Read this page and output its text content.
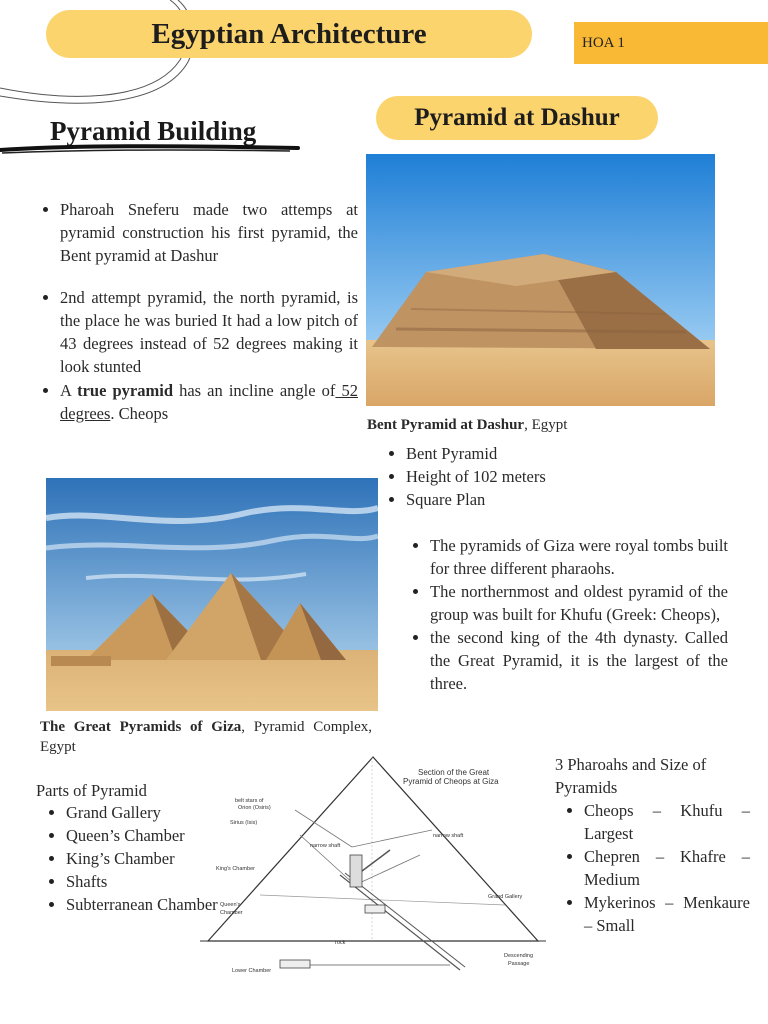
Egyptian Architecture	HOA 1
Pyramid Building	Pyramid at Dashur
Pharoah Sneferu made two attemps at pyramid construction his first pyramid, the Bent pyramid at Dashur
2nd attempt pyramid, the north pyramid, is the place he was buried It had a low pitch of 43 degrees instead of 52 degrees making it look stunted
A true pyramid has an incline angle of 52 degrees. Cheops
Bent Pyramid at Dashur, Egypt
Bent Pyramid
Height of 102 meters
Square Plan
The Great Pyramids of Giza, Pyramid Complex, Egypt
The pyramids of Giza were royal tombs built for three different pharaohs.
The northernmost and oldest pyramid of the group was built for Khufu (Greek: Cheops),
the second king of the 4th dynasty. Called the Great Pyramid, it is the largest of the three.
Parts of Pyramid
Grand Gallery
Queen’s Chamber
King’s Chamber
Shafts
Subterranean Chamber
Section of the Great
Pyramid of Cheops at Giza
belt stars of
Orion (Osiris)
Sirius (Isis)
narrow shaft
narrow shaft
King's Chamber
Queen's
Chamber
Grand Gallery
rock
Lower Chamber
Descending
Passage
3 Pharoahs and Size of Pyramids
Cheops – Khufu – Largest
Chepren – Khafre – Medium
Mykerinos – Menkaure – Small
